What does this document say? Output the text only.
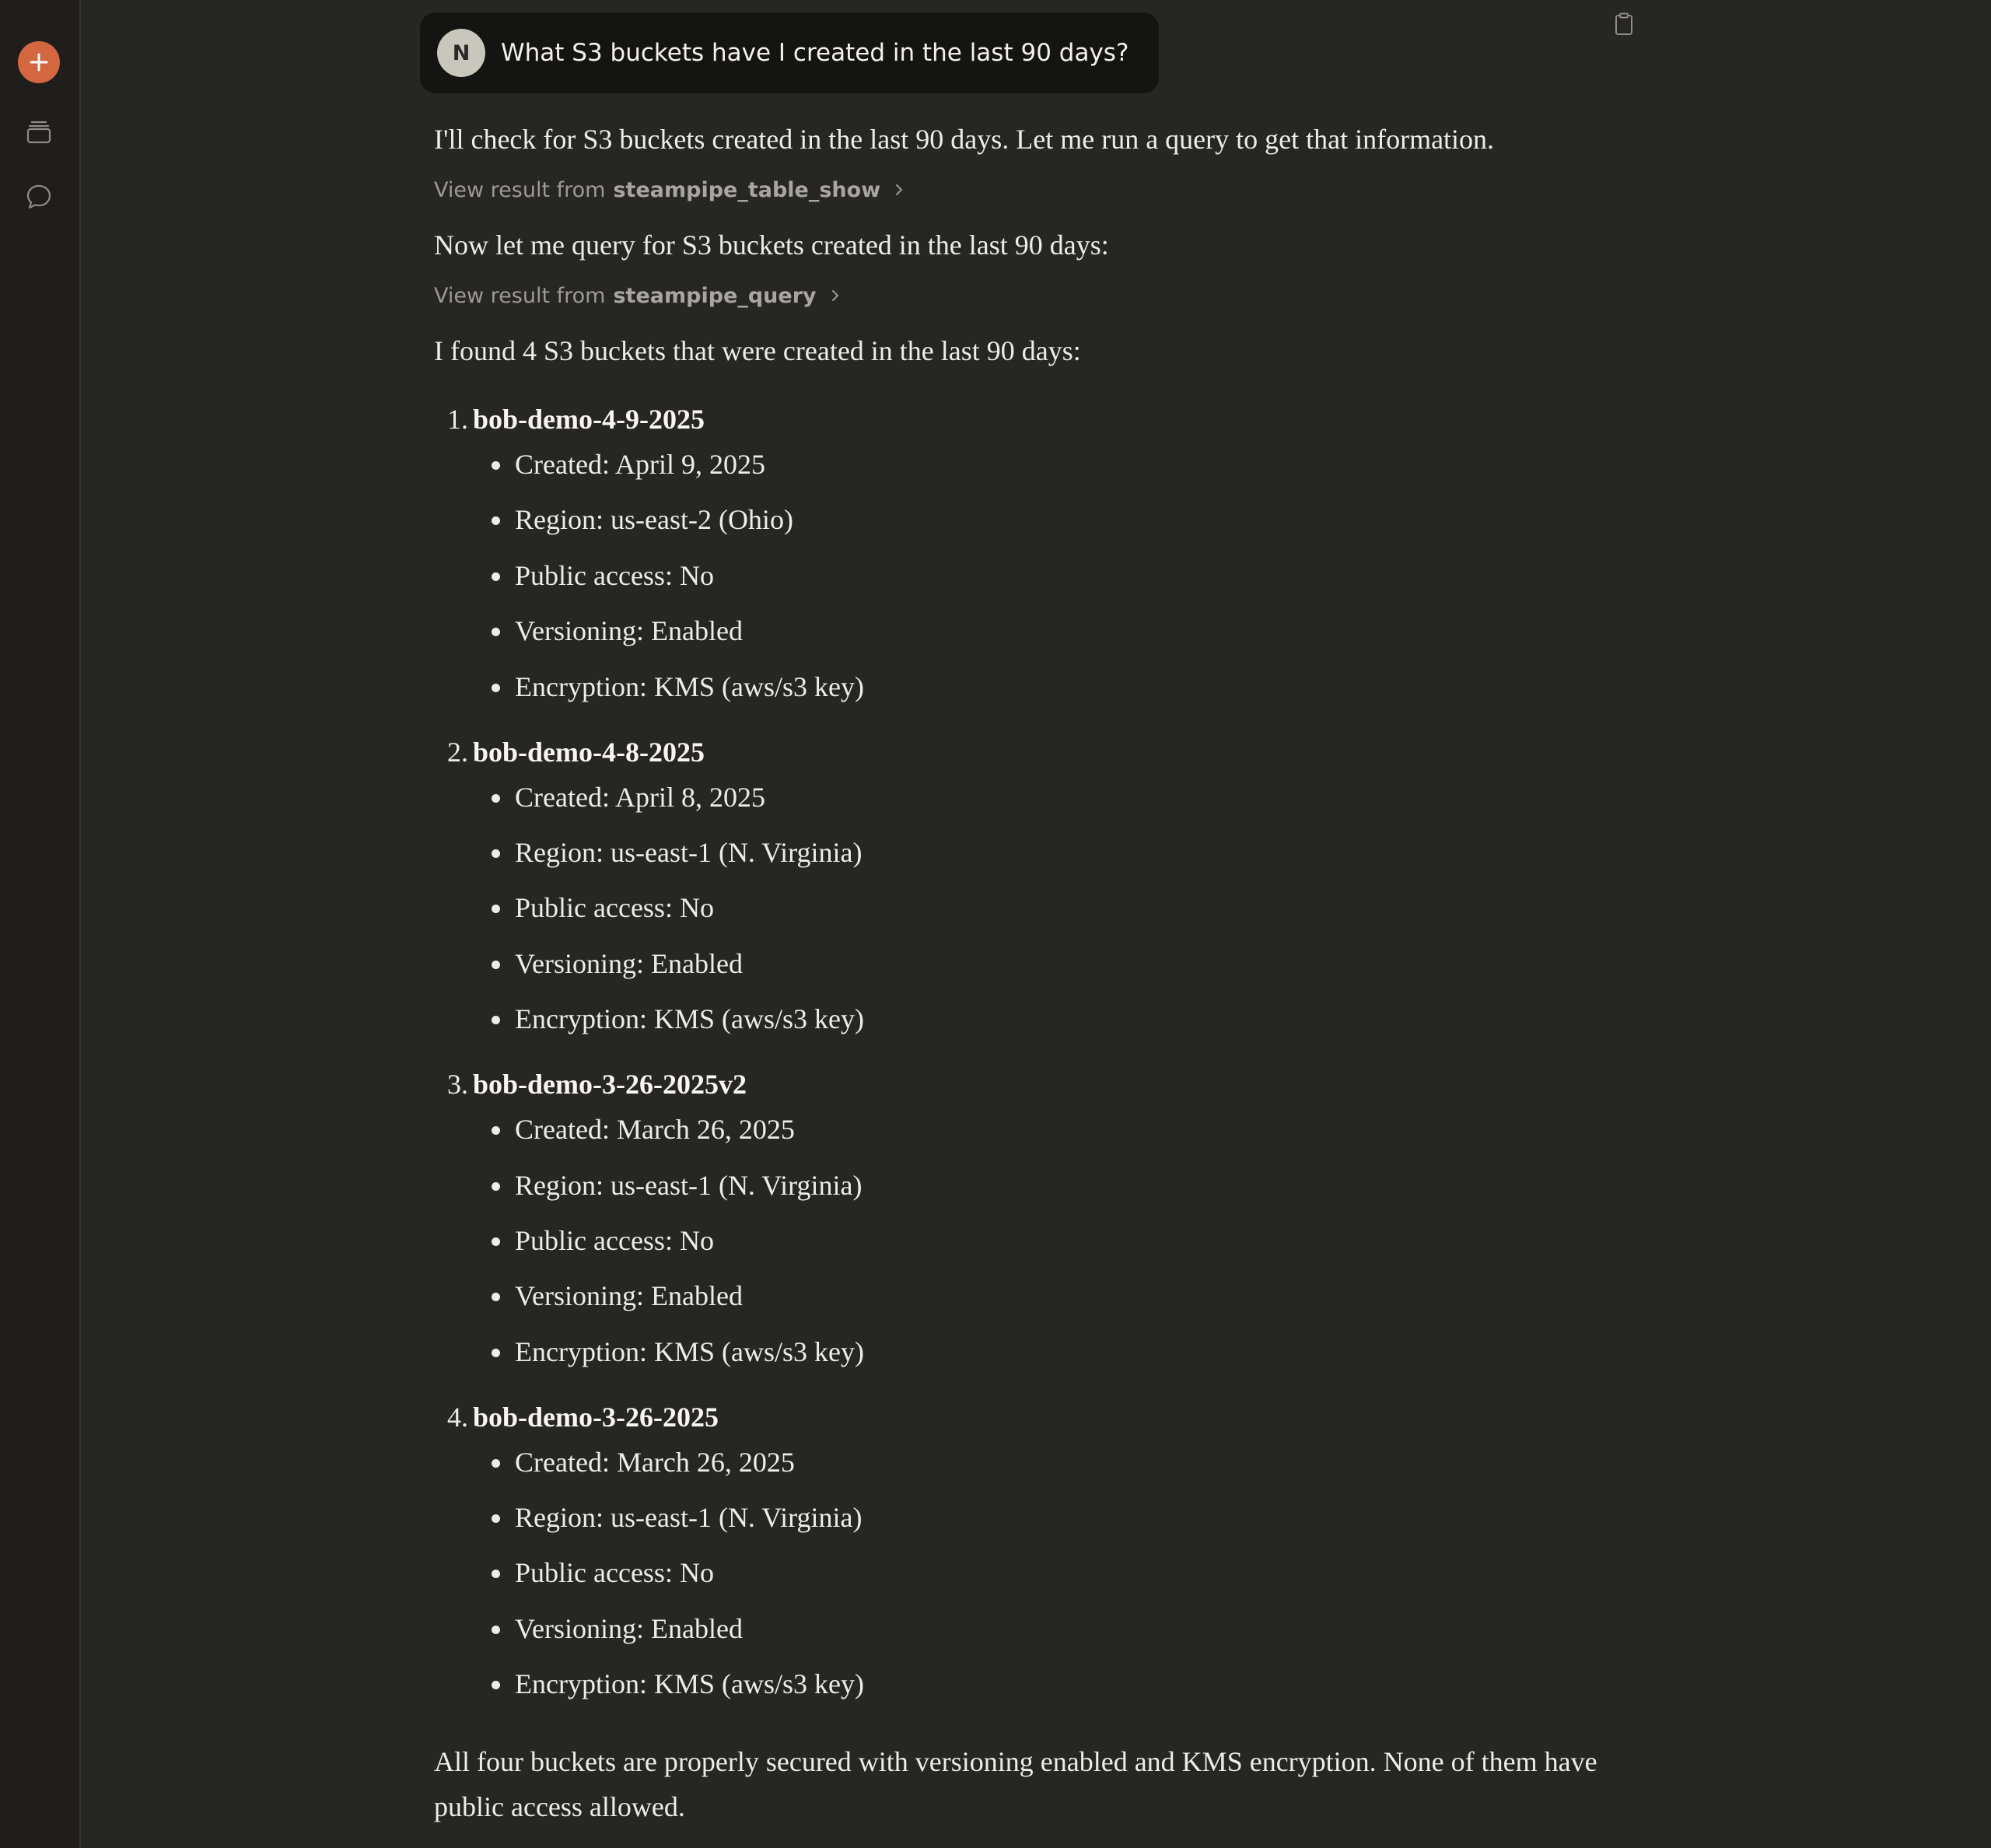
N	What S3 buckets have I created in the last 90 days?

I'll check for S3 buckets created in the last 90 days. Let me run a query to get that information.

View result from steampipe_table_show

Now let me query for S3 buckets created in the last 90 days:

View result from steampipe_query

I found 4 S3 buckets that were created in the last 90 days:

1. bob-demo-4-9-2025
Created: April 9, 2025
Region: us-east-2 (Ohio)
Public access: No
Versioning: Enabled
Encryption: KMS (aws/s3 key)
2. bob-demo-4-8-2025
Created: April 8, 2025
Region: us-east-1 (N. Virginia)
Public access: No
Versioning: Enabled
Encryption: KMS (aws/s3 key)
3. bob-demo-3-26-2025v2
Created: March 26, 2025
Region: us-east-1 (N. Virginia)
Public access: No
Versioning: Enabled
Encryption: KMS (aws/s3 key)
4. bob-demo-3-26-2025
Created: March 26, 2025
Region: us-east-1 (N. Virginia)
Public access: No
Versioning: Enabled
Encryption: KMS (aws/s3 key)

All four buckets are properly secured with versioning enabled and KMS encryption. None of them have public access allowed.
